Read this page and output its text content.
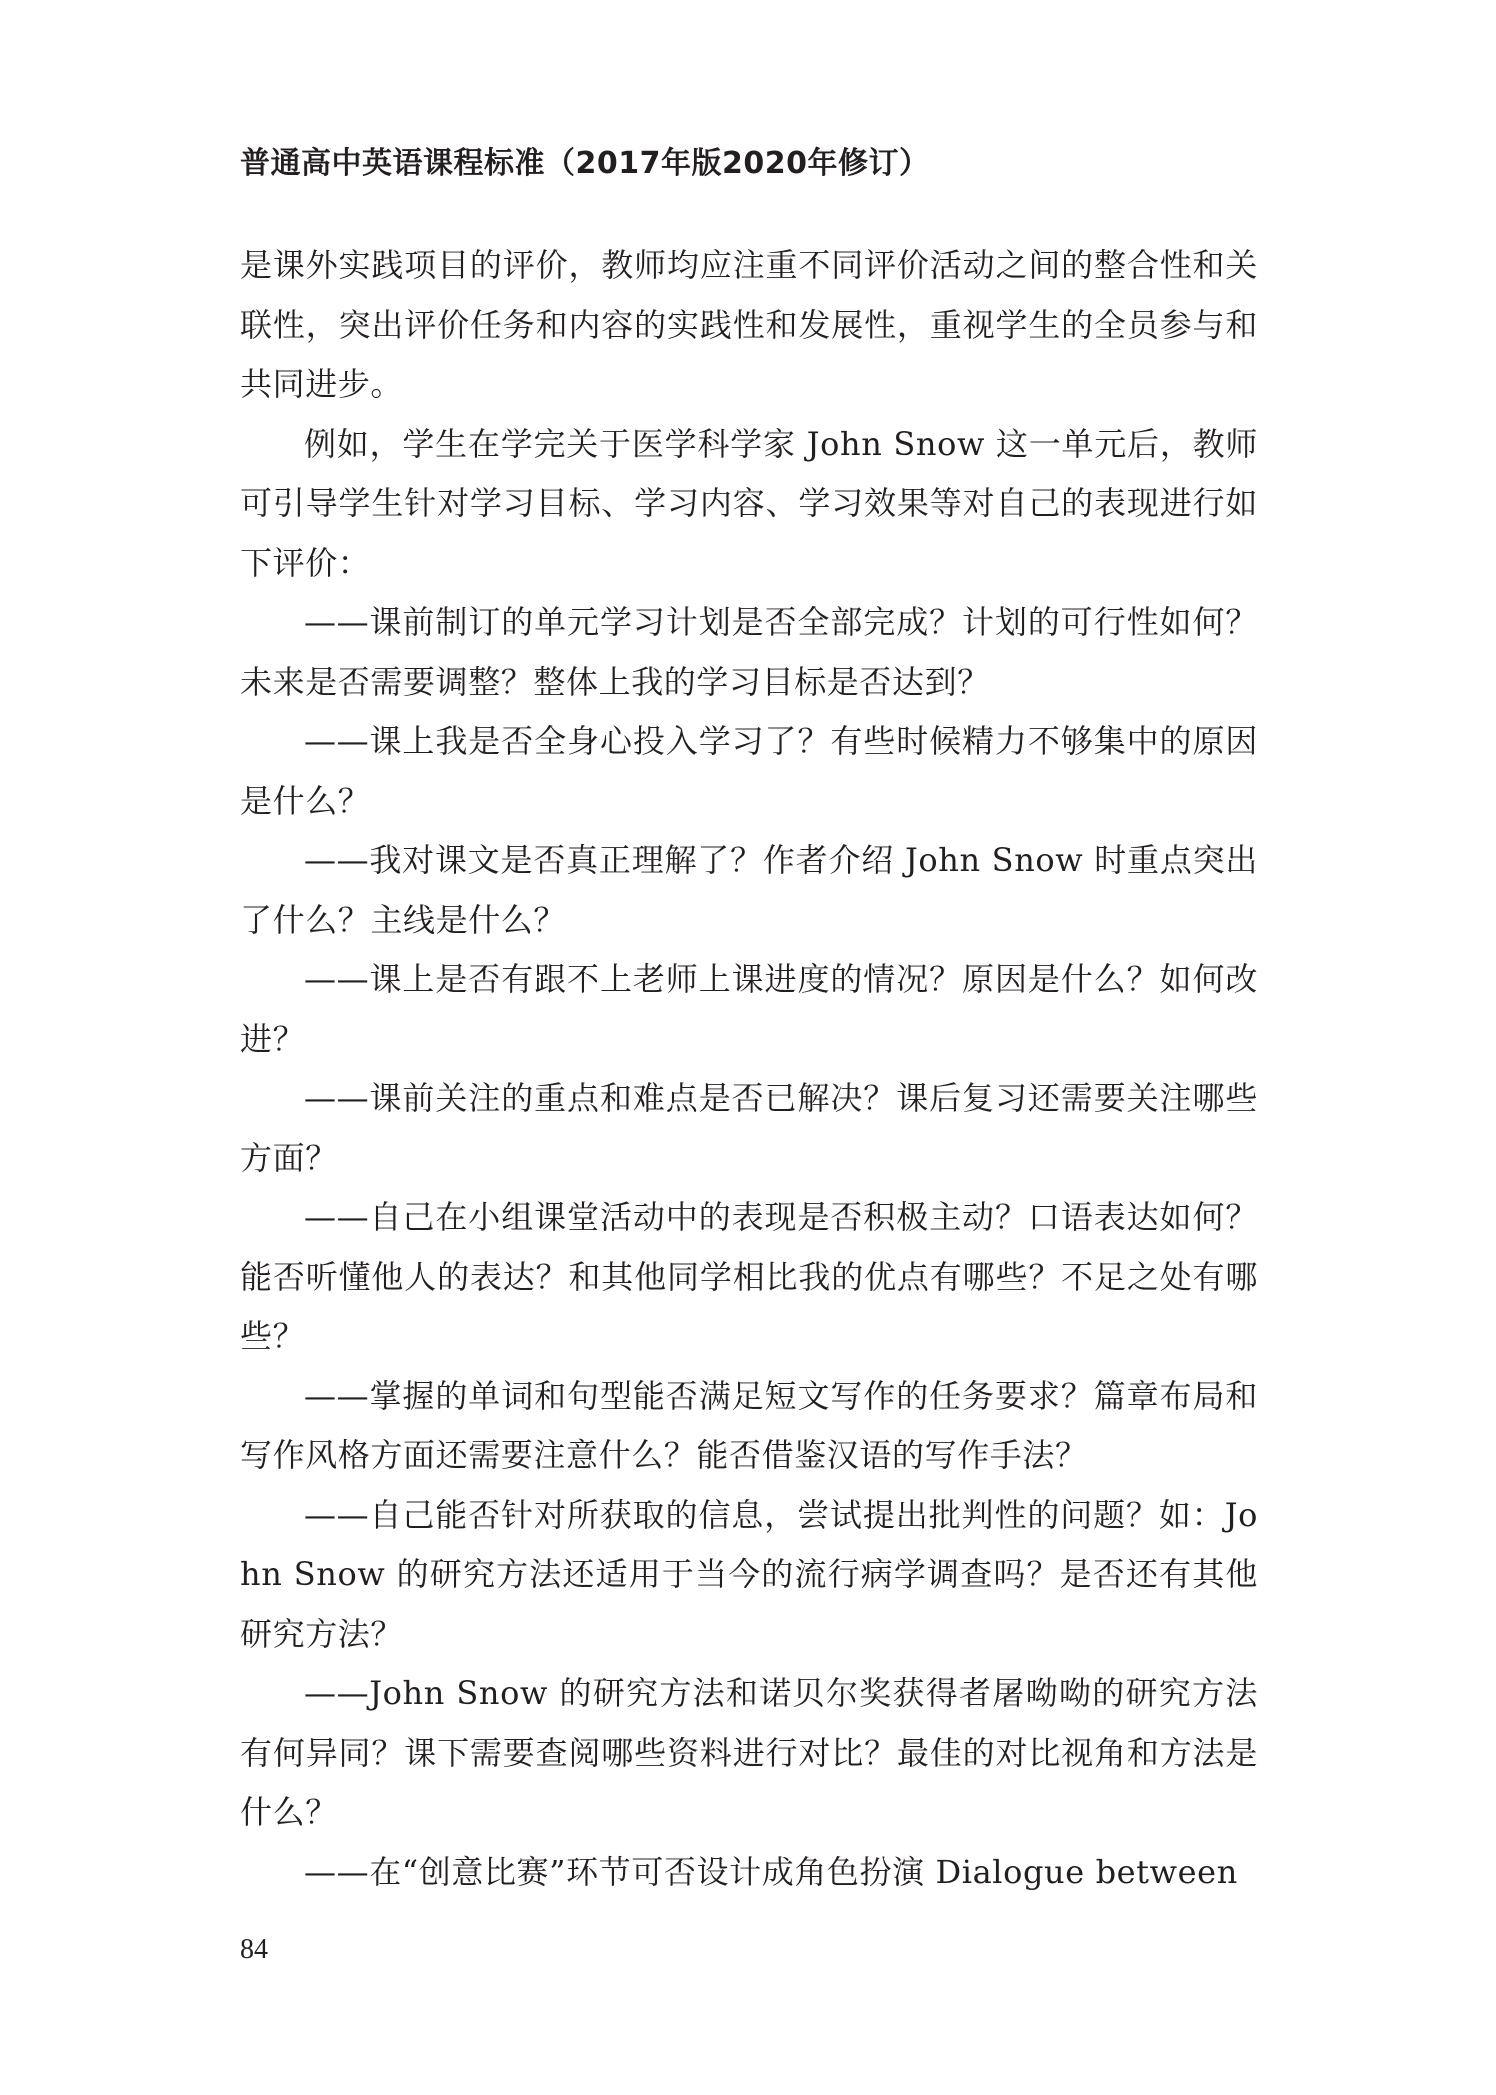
普通高中英语课程标准（2017年版2020年修订）

是课外实践项目的评价，教师均应注重不同评价活动之间的整合性和关联性，突出评价任务和内容的实践性和发展性，重视学生的全员参与和共同进步。

例如，学生在学完关于医学科学家 John Snow 这一单元后，教师可引导学生针对学习目标、学习内容、学习效果等对自己的表现进行如下评价：

——课前制订的单元学习计划是否全部完成？计划的可行性如何？未来是否需要调整？整体上我的学习目标是否达到？

——课上我是否全身心投入学习了？有些时候精力不够集中的原因是什么？

——我对课文是否真正理解了？作者介绍 John Snow 时重点突出了什么？主线是什么？

——课上是否有跟不上老师上课进度的情况？原因是什么？如何改进？

——课前关注的重点和难点是否已解决？课后复习还需要关注哪些方面？

——自己在小组课堂活动中的表现是否积极主动？口语表达如何？能否听懂他人的表达？和其他同学相比我的优点有哪些？不足之处有哪些？

——掌握的单词和句型能否满足短文写作的任务要求？篇章布局和写作风格方面还需要注意什么？能否借鉴汉语的写作手法？

——自己能否针对所获取的信息，尝试提出批判性的问题？如：John Snow 的研究方法还适用于当今的流行病学调查吗？是否还有其他研究方法？

——John Snow 的研究方法和诺贝尔奖获得者屠呦呦的研究方法有何异同？课下需要查阅哪些资料进行对比？最佳的对比视角和方法是什么？

——在“创意比赛”环节可否设计成角色扮演 Dialogue between

84
